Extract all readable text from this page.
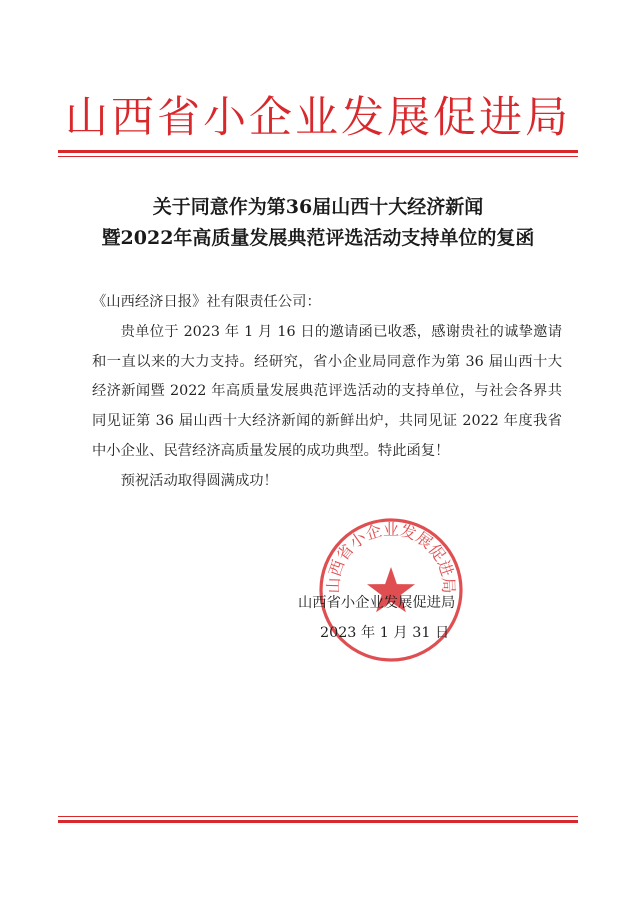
山西省小企业发展促进局
关于同意作为第36届山西十大经济新闻
暨2022年高质量发展典范评选活动支持单位的复函

《山西经济日报》社有限责任公司：

贵单位于 2023 年 1 月 16 日的邀请函已收悉，感谢贵社的诚挚邀请和一直以来的大力支持。经研究，省小企业局同意作为第 36 届山西十大经济新闻暨 2022 年高质量发展典范评选活动的支持单位，与社会各界共同见证第 36 届山西十大经济新闻的新鲜出炉，共同见证 2022 年度我省中小企业、民营经济高质量发展的成功典型。特此函复！

预祝活动取得圆满成功！

山西省小企业发展促进局
山西省小企业发展促进局
2023 年 1 月 31 日
